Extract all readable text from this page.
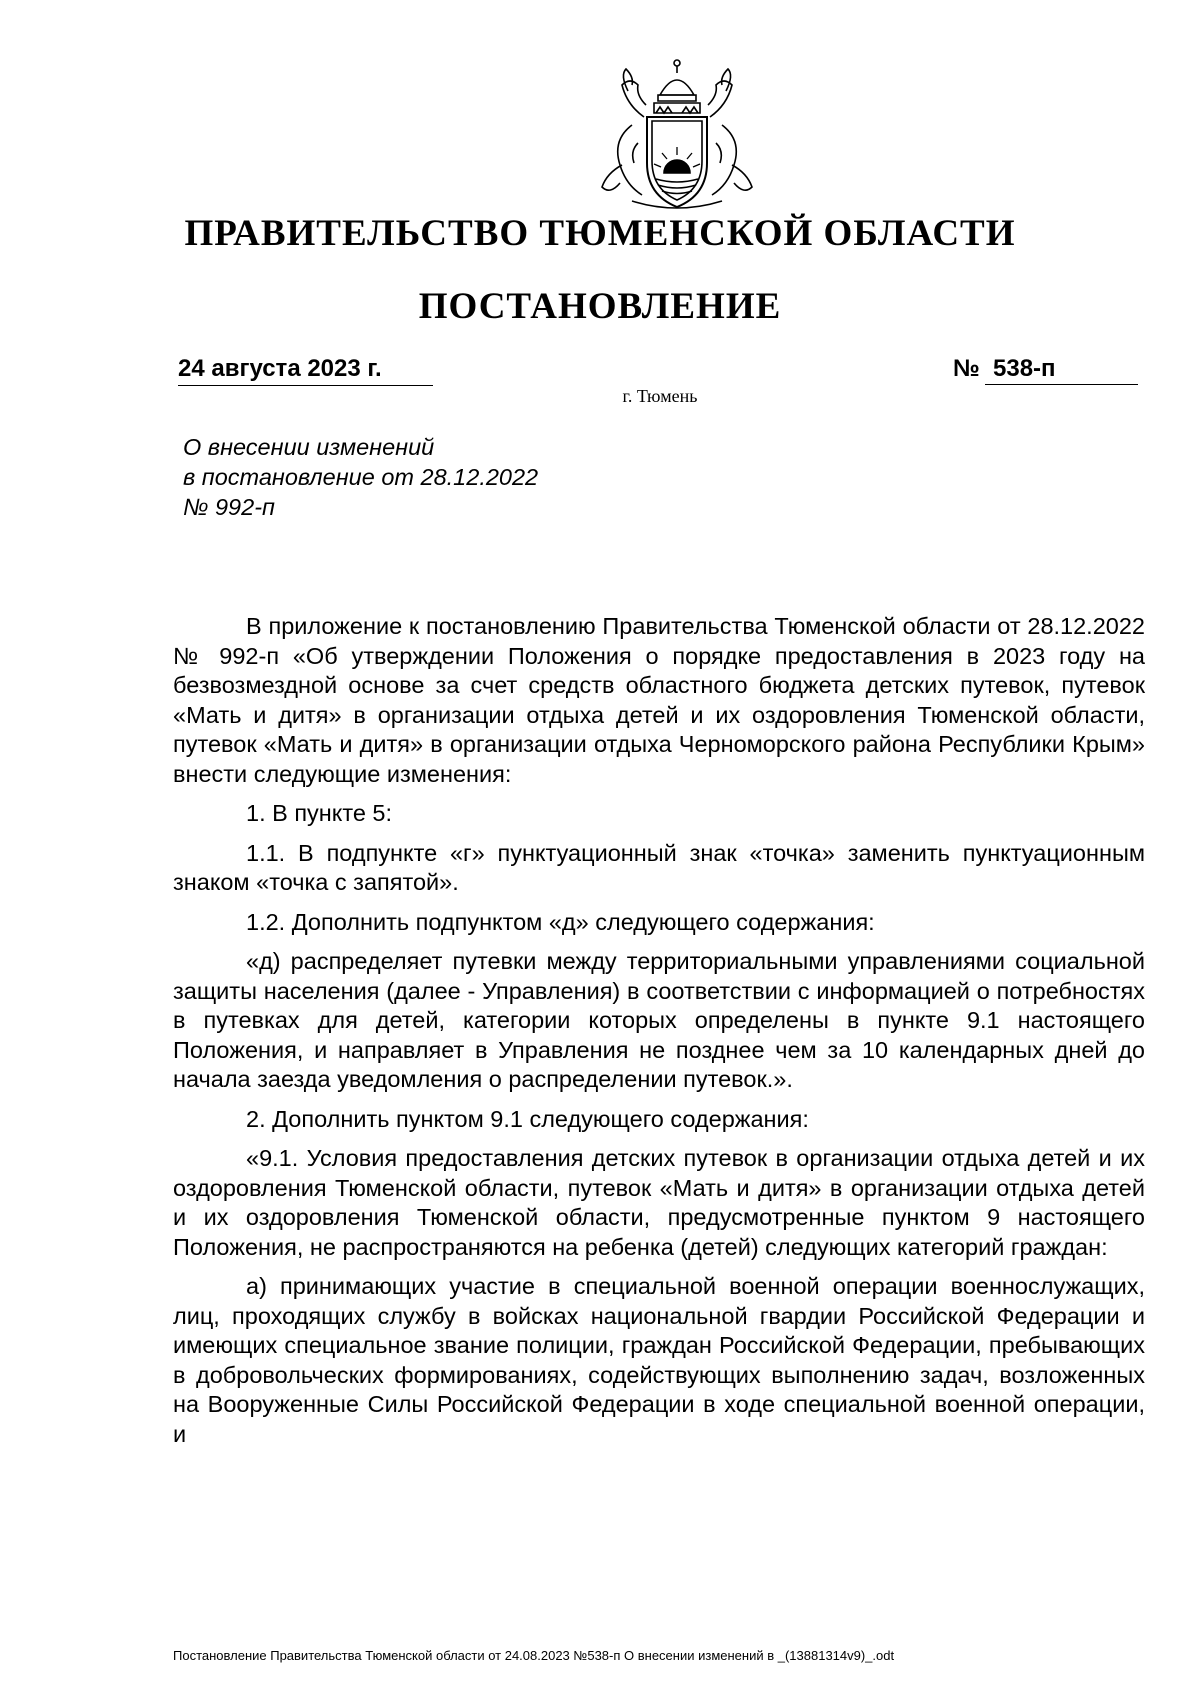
ПРАВИТЕЛЬСТВО ТЮМЕНСКОЙ ОБЛАСТИ
ПОСТАНОВЛЕНИЕ
24 августа 2023 г.	№ 538-п
г. Тюмень
О внесении изменений
в постановление от 28.12.2022
№ 992-п

В приложение к постановлению Правительства Тюменской области от 28.12.2022 № 992-п «Об утверждении Положения о порядке предоставления в 2023 году на безвозмездной основе за счет средств областного бюджета детских путевок, путевок «Мать и дитя» в организации отдыха детей и их оздоровления Тюменской области, путевок «Мать и дитя» в организации отдыха Черноморского района Республики Крым» внести следующие изменения:

1. В пункте 5:

1.1. В подпункте «г» пунктуационный знак «точка» заменить пунктуационным знаком «точка с запятой».

1.2. Дополнить подпунктом «д» следующего содержания:

«д) распределяет путевки между территориальными управлениями социальной защиты населения (далее - Управления) в соответствии с информацией о потребностях в путевках для детей, категории которых определены в пункте 9.1 настоящего Положения, и направляет в Управления не позднее чем за 10 календарных дней до начала заезда уведомления о распределении путевок.».

2. Дополнить пунктом 9.1 следующего содержания:

«9.1. Условия предоставления детских путевок в организации отдыха детей и их оздоровления Тюменской области, путевок «Мать и дитя» в организации отдыха детей и их оздоровления Тюменской области, предусмотренные пунктом 9 настоящего Положения, не распространяются на ребенка (детей) следующих категорий граждан:

а) принимающих участие в специальной военной операции военнослужащих, лиц, проходящих службу в войсках национальной гвардии Российской Федерации и имеющих специальное звание полиции, граждан Российской Федерации, пребывающих в добровольческих формированиях, содействующих выполнению задач, возложенных на Вооруженные Силы Российской Федерации в ходе специальной военной операции, и

Постановление Правительства Тюменской области от 24.08.2023 №538-п О внесении изменений в _(13881314v9)_.odt
